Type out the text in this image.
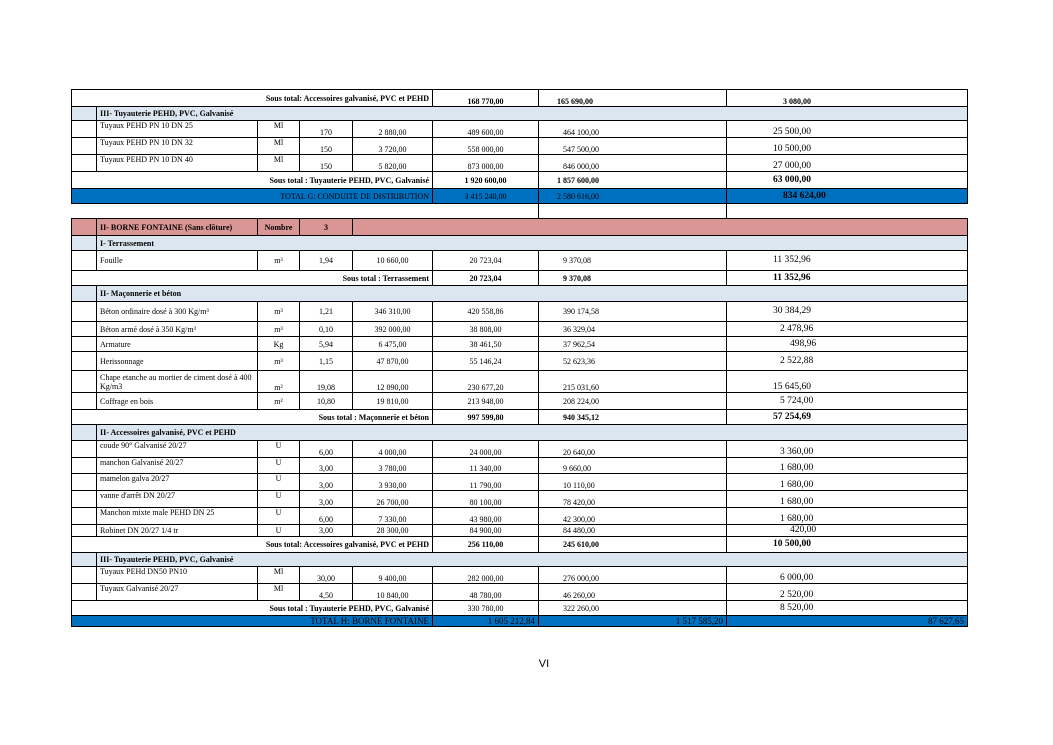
Sous total: Accessoires galvanisé, PVC et PEHD					168 770,00	165 690,00	3 080,00
	III- Tuyauterie PEHD, PVC, Galvanisé						
	Tuyaux PEHD PN 10 DN 25	Ml	170	2 880,00	489 600,00	464 100,00	25 500,00
	Tuyaux PEHD PN 10 DN 32	Ml	150	3 720,00	558 000,00	547 500,00	10 500,00
	Tuyaux PEHD PN 10 DN 40	Ml	150	5 820,00	873 000,00	846 000,00	27 000,00
Sous total : Tuyauterie PEHD, PVC, Galvanisé					1 920 600,00	1 857 600,00	63 000,00
TOTAL G: CONDUITE DE DISTRIBUTION					3 415 240,00	2 580 616,00	834 624,00

	II- BORNE FONTAINE (Sans clôture)	Nombre	3				
	I- Terrassement						
	Fouille	m³	1,94	10 660,00	20 723,04	9 370,08	11 352,96
Sous total : Terrassement					20 723,04	9 370,08	11 352,96
	II- Maçonnerie et béton						
	Béton ordinaire dosé à 300 Kg/m³	m³	1,21	346 310,00	420 558,86	390 174,58	30 384,29
	Béton armé dosé à 350 Kg/m³	m³	0,10	392 000,00	38 808,00	36 329,04	2 478,96
	Armature	Kg	5,94	6 475,00	38 461,50	37 962,54	498,96
	Herissonnage	m³	1,15	47 870,00	55 146,24	52 623,36	2 522,88
	Chape etanche au mortier de ciment dosé à 400 Kg/m3	m²	19,08	12 090,00	230 677,20	215 031,60	15 645,60
	Coffrage en bois	m²	10,80	19 810,00	213 948,00	208 224,00	5 724,00
Sous total : Maçonnerie et béton					997 599,80	940 345,12	57 254,69
	II- Accessoires galvanisé, PVC et PEHD						
	coude 90° Galvanisé 20/27	U	6,00	4 000,00	24 000,00	20 640,00	3 360,00
	manchon Galvanisé 20/27	U	3,00	3 780,00	11 340,00	9 660,00	1 680,00
	mamelon galva 20/27	U	3,00	3 930,00	11 790,00	10 110,00	1 680,00
	vanne d'arrêt DN 20/27	U	3,00	26 700,00	80 100,00	78 420,00	1 680,00
	Manchon mixte male PEHD DN 25	U	6,00	7 330,00	43 980,00	42 300,00	1 680,00
	Robinet DN 20/27 1/4 tr	U	3,00	28 300,00	84 900,00	84 480,00	420,00
Sous total: Accessoires galvanisé, PVC et PEHD					256 110,00	245 610,00	10 500,00
	III- Tuyauterie PEHD, PVC, Galvanisé						
	Tuyaux PEHd DN50 PN10	Ml	30,00	9 400,00	282 000,00	276 000,00	6 000,00
	Tuyaux Galvanisé 20/27	Ml	4,50	10 840,00	48 780,00	46 260,00	2 520,00
Sous total : Tuyauterie PEHD, PVC, Galvanisé					330 780,00	322 260,00	8 520,00
TOTAL H: BORNE FONTAINE					1 605 212,84	1 517 585,20	87 627,65
VI
